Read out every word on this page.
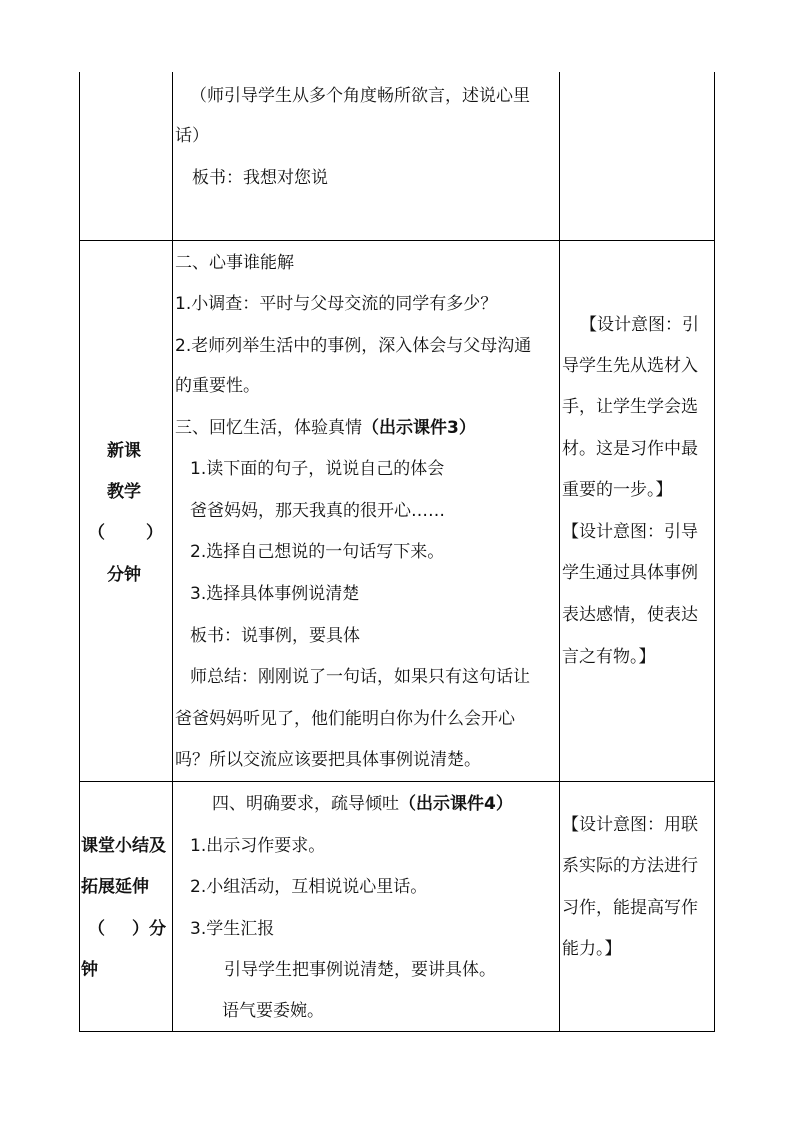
（师引导学生从多个角度畅所欲言，述说心里
话）
板书：我想对您说
新课
教学
（ ）
分钟
二、心事谁能解
1.小调查：平时与父母交流的同学有多少？
2.老师列举生活中的事例，深入体会与父母沟通
的重要性。
三、回忆生活，体验真情（出示课件3）
1.读下面的句子，说说自己的体会
爸爸妈妈，那天我真的很开心……
2.选择自己想说的一句话写下来。
3.选择具体事例说清楚
板书：说事例，要具体
师总结：刚刚说了一句话，如果只有这句话让
爸爸妈妈听见了，他们能明白你为什么会开心
吗？所以交流应该要把具体事例说清楚。
【设计意图：引
导学生先从选材入
手，让学生学会选
材。这是习作中最
重要的一步。】
【设计意图：引导
学生通过具体事例
表达感情，使表达
言之有物。】
课堂小结及
拓展延伸
（ ）分
钟
四、明确要求，疏导倾吐（出示课件4）
1.出示习作要求。
2.小组活动，互相说说心里话。
3.学生汇报
引导学生把事例说清楚，要讲具体。
语气要委婉。
【设计意图：用联
系实际的方法进行
习作，能提高写作
能力。】
